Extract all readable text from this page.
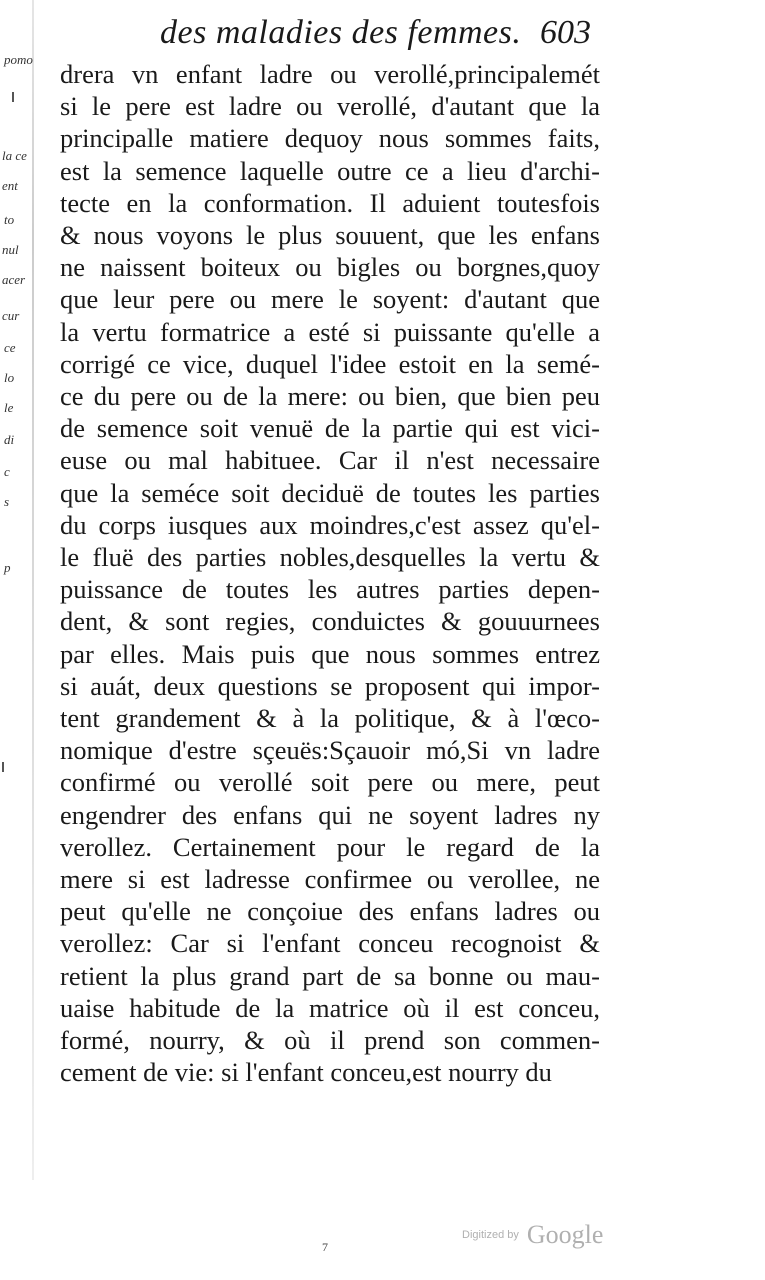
pomo
la ce
ent
to
nul
acer
cur
ce
lo
le
di
c
s
p
des maladies des femmes. 603
drera vn enfant ladre ou verollé,principalemét
si le pere est ladre ou verollé, d'autant que la
principalle matiere dequoy nous sommes faits,
est la semence laquelle outre ce a lieu d'archi-
tecte en la conformation. Il aduient toutesfois
& nous voyons le plus souuent, que les enfans
ne naissent boiteux ou bigles ou borgnes,quoy
que leur pere ou mere le soyent: d'autant que
la vertu formatrice a esté si puissante qu'elle a
corrigé ce vice, duquel l'idee estoit en la semé-
ce du pere ou de la mere: ou bien, que bien peu
de semence soit venuë de la partie qui est vici-
euse ou mal habituee. Car il n'est necessaire
que la seméce soit deciduë de toutes les parties
du corps iusques aux moindres,c'est assez qu'el-
le fluë des parties nobles,desquelles la vertu &
puissance de toutes les autres parties depen-
dent, & sont regies, conduictes & gouuurnees
par elles. Mais puis que nous sommes entrez
si auát, deux questions se proposent qui impor-
tent grandement & à la politique, & à l'œco-
nomique d'estre sçeuës:Sçauoir mó,Si vn ladre
confirmé ou verollé soit pere ou mere, peut
engendrer des enfans qui ne soyent ladres ny
verollez. Certainement pour le regard de la
mere si est ladresse confirmee ou verollee, ne
peut qu'elle ne conçoiue des enfans ladres ou
verollez: Car si l'enfant conceu recognoist &
retient la plus grand part de sa bonne ou mau-
uaise habitude de la matrice où il est conceu,
formé, nourry, & où il prend son commen-
cement de vie: si l'enfant conceu,est nourry du
Digitized by Google
7
